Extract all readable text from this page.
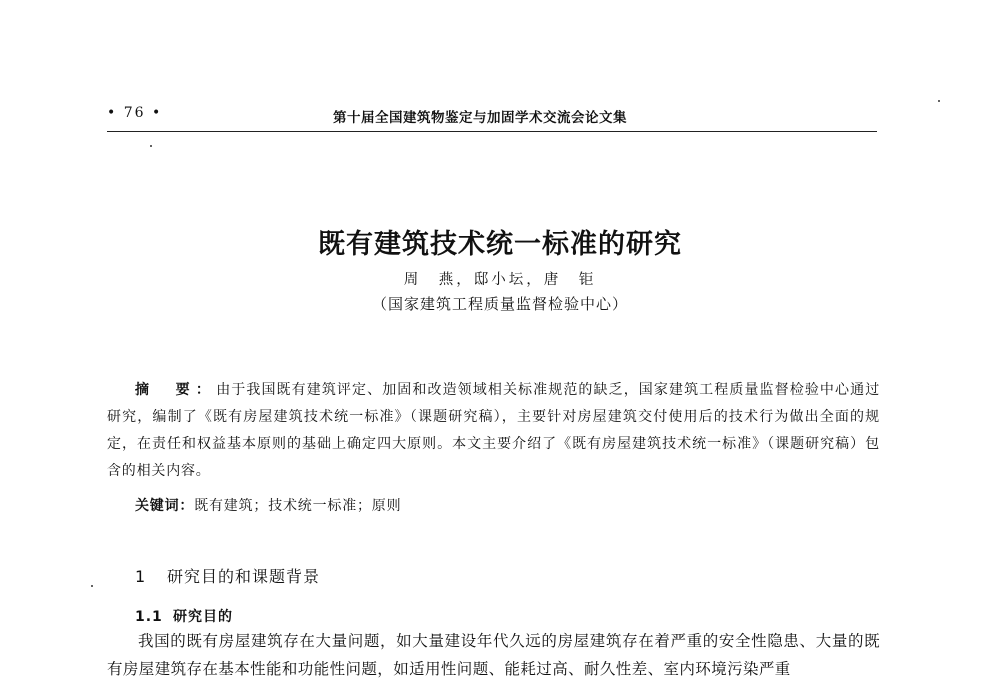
• 76 •	第十届全国建筑物鉴定与加固学术交流会论文集
既有建筑技术统一标准的研究
周　燕，邸小坛，唐　钜
（国家建筑工程质量监督检验中心）
摘　要：由于我国既有建筑评定、加固和改造领域相关标准规范的缺乏，国家建筑工程质量监督检验中心通过研究，编制了《既有房屋建筑技术统一标准》（课题研究稿），主要针对房屋建筑交付使用后的技术行为做出全面的规定，在责任和权益基本原则的基础上确定四大原则。本文主要介绍了《既有房屋建筑技术统一标准》（课题研究稿）包含的相关内容。
关键词：既有建筑；技术统一标准；原则
1 研究目的和课题背景
1.1 研究目的
我国的既有房屋建筑存在大量问题，如大量建设年代久远的房屋建筑存在着严重的安全性隐患、大量的既有房屋建筑存在基本性能和功能性问题，如适用性问题、能耗过高、耐久性差、室内环境污染严重
